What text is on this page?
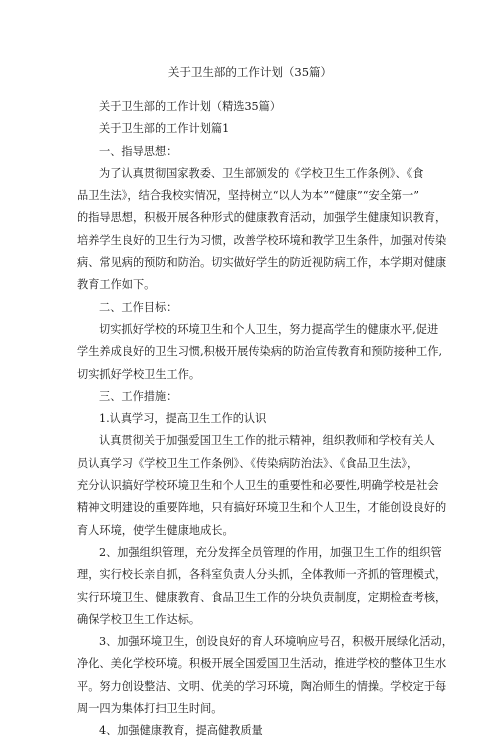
关于卫生部的工作计划（35篇）
关于卫生部的工作计划（精选35篇）
关于卫生部的工作计划篇1
一、指导思想：
为了认真贯彻国家教委、卫生部颁发的《学校卫生工作条例》、《食
品卫生法》，结合我校实情况，坚持树立“以人为本”“健康”“安全第一”
的指导思想，积极开展各种形式的健康教育活动，加强学生健康知识教育，
培养学生良好的卫生行为习惯，改善学校环境和教学卫生条件，加强对传染
病、常见病的预防和防治。切实做好学生的防近视防病工作，本学期对健康
教育工作如下。
二、工作目标：
切实抓好学校的环境卫生和个人卫生，努力提高学生的健康水平,促进
学生养成良好的卫生习惯,积极开展传染病的防治宣传教育和预防接种工作,
切实抓好学校卫生工作。
三、工作措施：
1.认真学习，提高卫生工作的认识
认真贯彻关于加强爱国卫生工作的批示精神，组织教师和学校有关人
员认真学习《学校卫生工作条例》、《传染病防治法》、《食品卫生法》，
充分认识搞好学校环境卫生和个人卫生的重要性和必要性,明确学校是社会
精神文明建设的重要阵地，只有搞好环境卫生和个人卫生，才能创设良好的
育人环境，使学生健康地成长。
2、加强组织管理，充分发挥全员管理的作用，加强卫生工作的组织管
理，实行校长亲自抓，各科室负责人分头抓，全体教师一齐抓的管理模式，
实行环境卫生、健康教育、食品卫生工作的分块负责制度，定期检查考核，
确保学校卫生工作达标。
3、加强环境卫生，创设良好的育人环境响应号召，积极开展绿化活动，
净化、美化学校环境。积极开展全国爱国卫生活动，推进学校的整体卫生水
平。努力创设整洁、文明、优美的学习环境，陶冶师生的情操。学校定于每
周一四为集体打扫卫生时间。
4、加强健康教育，提高健教质量
